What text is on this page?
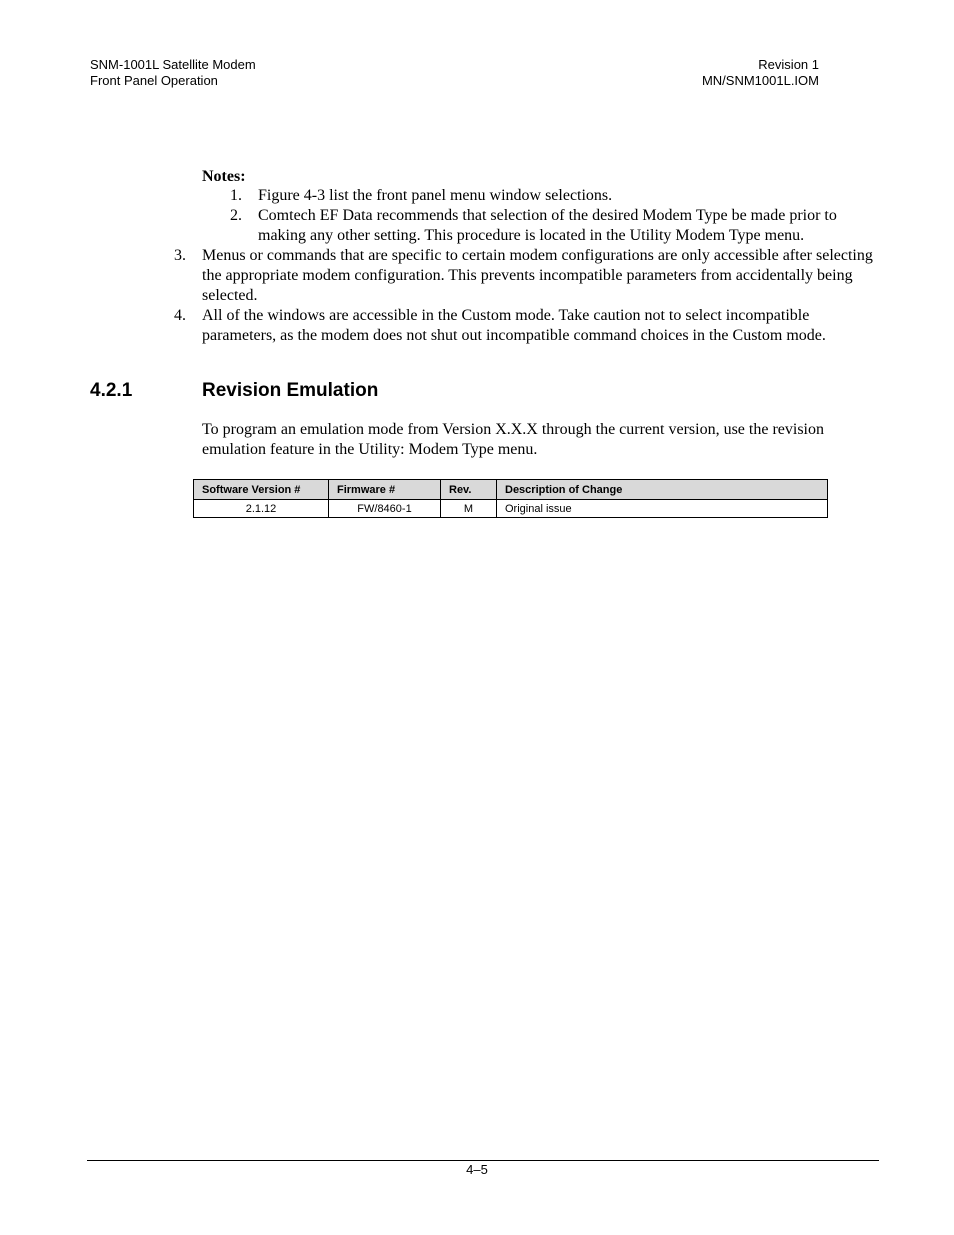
SNM-1001L Satellite Modem
Front Panel Operation
Revision 1
MN/SNM1001L.IOM
Notes:
1.	Figure 4-3 list the front panel menu window selections.
2.	Comtech EF Data recommends that selection of the desired Modem Type be made prior to making any other setting. This procedure is located in the Utility Modem Type menu.
3.	Menus or commands that are specific to certain modem configurations are only accessible after selecting the appropriate modem configuration. This prevents incompatible parameters from accidentally being selected.
4.	All of the windows are accessible in the Custom mode. Take caution not to select incompatible parameters, as the modem does not shut out incompatible command choices in the Custom mode.
4.2.1	Revision Emulation
To program an emulation mode from Version X.X.X through the current version, use the revision emulation feature in the Utility: Modem Type menu.
Software Version #	Firmware #	Rev.	Description of Change
2.1.12	FW/8460-1	M	Original issue
4–5
